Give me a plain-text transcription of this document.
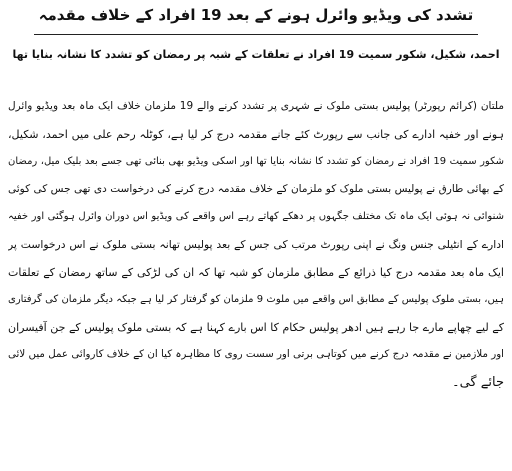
تشدد کی ویڈیو وائرل ہونے کے بعد 19 افراد کے خلاف مقدمہ
احمد، شکیل، شکور سمیت 19 افراد نے تعلقات کے شبہ پر رمضان کو تشدد کا نشانہ بنایا تھا
ملتان (کرائم رپورٹر) پولیس بستی ملوک نے شہری پر تشدد کرنے والے 19 ملزمان خلاف ایک ماہ بعد ویڈیو وائرل
ہونے اور خفیہ ادارے کی جانب سے رپورٹ کئے جانے مقدمہ درج کر لیا ہے، کوٹلہ رحم علی میں احمد، شکیل،
شکور سمیت 19 افراد نے رمضان کو تشدد کا نشانہ بنایا تھا اور اسکی ویڈیو بھی بنائی تھی جسے بعد بلیک میل، رمضان
کے بھائی طارق نے پولیس بستی ملوک کو ملزمان کے خلاف مقدمہ درج کرنے کی درخواست دی تھی جس کی کوئی
شنوائی نہ ہوئی ایک ماہ تک مختلف جگہوں پر دھکے کھاتے رہے اس واقعے کی ویڈیو اس دوران وائرل ہوگئی اور خفیہ
ادارے کے انٹیلی جنس ونگ نے اپنی رپورٹ مرتب کی جس کے بعد پولیس تھانہ بستی ملوک نے اس درخواست پر
ایک ماہ بعد مقدمہ درج کیا ذرائع کے مطابق ملزمان کو شبہ تھا کہ ان کی لڑکی کے ساتھ رمضان کے تعلقات
ہیں، بستی ملوک پولیس کے مطابق اس واقعے میں ملوث 9 ملزمان کو گرفتار کر لیا ہے جبکہ دیگر ملزمان کی گرفتاری
کے لیے چھاپے مارے جا رہے ہیں ادھر پولیس حکام کا اس بارے کہنا ہے کہ بستی ملوک پولیس کے جن آفیسران
اور ملازمین نے مقدمہ درج کرنے میں کوتاہی برتی اور سست روی کا مظاہرہ کیا ان کے خلاف کاروائی عمل میں لائی
جائے گی۔
